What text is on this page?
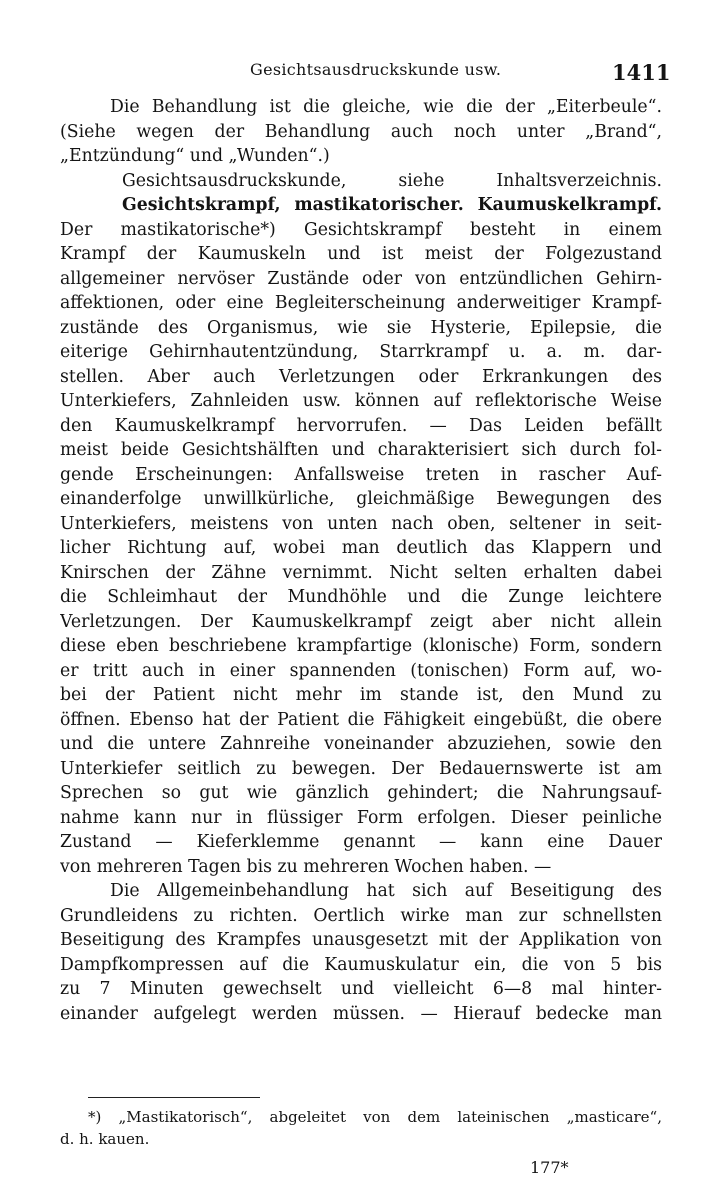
Gesichtsausdruckskunde usw.	1411
Die Behandlung ist die gleiche, wie die der „Eiterbeule“.
(Siehe wegen der Behandlung auch noch unter „Brand“,
„Entzündung“ und „Wunden“.)
Gesichtsausdruckskunde, siehe Inhaltsverzeichnis.
Gesichtskrampf, mastikatorischer. Kaumuskelkrampf.
Der mastikatorische*) Gesichtskrampf besteht in einem
Krampf der Kaumuskeln und ist meist der Folgezustand
allgemeiner nervöser Zustände oder von entzündlichen Gehirn-
affektionen, oder eine Begleiterscheinung anderweitiger Krampf-
zustände des Organismus, wie sie Hysterie, Epilepsie, die
eiterige Gehirnhautentzündung, Starrkrampf u. a. m. dar-
stellen. Aber auch Verletzungen oder Erkrankungen des
Unterkiefers, Zahnleiden usw. können auf reflektorische Weise
den Kaumuskelkrampf hervorrufen. — Das Leiden befällt
meist beide Gesichtshälften und charakterisiert sich durch fol-
gende Erscheinungen: Anfallsweise treten in rascher Auf-
einanderfolge unwillkürliche, gleichmäßige Bewegungen des
Unterkiefers, meistens von unten nach oben, seltener in seit-
licher Richtung auf, wobei man deutlich das Klappern und
Knirschen der Zähne vernimmt. Nicht selten erhalten dabei
die Schleimhaut der Mundhöhle und die Zunge leichtere
Verletzungen. Der Kaumuskelkrampf zeigt aber nicht allein
diese eben beschriebene krampfartige (klonische) Form, sondern
er tritt auch in einer spannenden (tonischen) Form auf, wo-
bei der Patient nicht mehr im stande ist, den Mund zu
öffnen. Ebenso hat der Patient die Fähigkeit eingebüßt, die obere
und die untere Zahnreihe voneinander abzuziehen, sowie den
Unterkiefer seitlich zu bewegen. Der Bedauernswerte ist am
Sprechen so gut wie gänzlich gehindert; die Nahrungsauf-
nahme kann nur in flüssiger Form erfolgen. Dieser peinliche
Zustand — Kieferklemme genannt — kann eine Dauer
von mehreren Tagen bis zu mehreren Wochen haben. —
Die Allgemeinbehandlung hat sich auf Beseitigung des
Grundleidens zu richten. Oertlich wirke man zur schnellsten
Beseitigung des Krampfes unausgesetzt mit der Applikation von
Dampfkompressen auf die Kaumuskulatur ein, die von 5 bis
zu 7 Minuten gewechselt und vielleicht 6—8 mal hinter-
einander aufgelegt werden müssen. — Hierauf bedecke man
*) „Mastikatorisch“, abgeleitet von dem lateinischen „masticare“,
d. h. kauen.
177*
